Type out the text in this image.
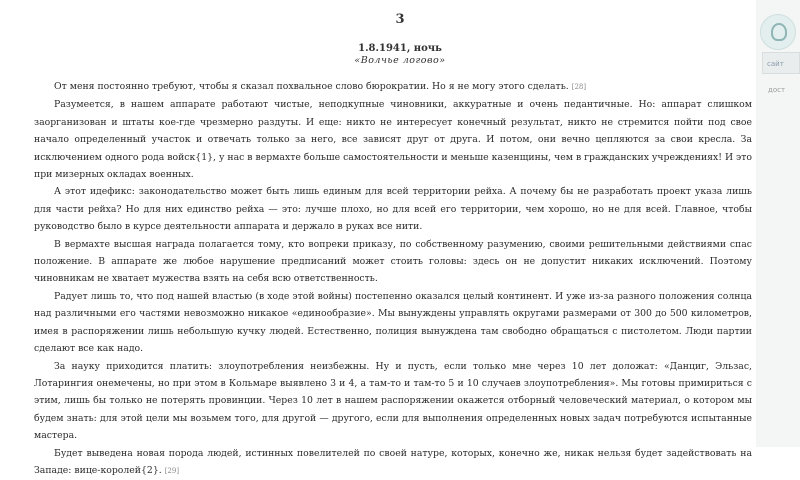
3
1.8.1941, ночь
«Волчье логово»

От меня постоянно требуют, чтобы я сказал похвальное слово бюрократии. Но я не могу этого сделать. [28]

Разумеется, в нашем аппарате работают чистые, неподкупные чиновники, аккуратные и очень педантичные. Но: аппарат слишком заорганизован и штаты кое-где чрезмерно раздуты. И еще: никто не интересует конечный результат, никто не стремится пойти под свое начало определенный участок и отвечать только за него, все зависят друг от друга. И потом, они вечно цепляются за свои кресла. За исключением одного рода войск{1}, у нас в вермахте больше самостоятельности и меньше казенщины, чем в гражданских учреждениях! И это при мизерных окладах военных.

А этот идефикс: законодательство может быть лишь единым для всей территории рейха. А почему бы не разработать проект указа лишь для части рейха? Но для них единство рейха — это: лучше плохо, но для всей его территории, чем хорошо, но не для всей. Главное, чтобы руководство было в курсе деятельности аппарата и держало в руках все нити.

В вермахте высшая награда полагается тому, кто вопреки приказу, по собственному разумению, своими решительными действиями спас положение. В аппарате же любое нарушение предписаний может стоить головы: здесь он не допустит никаких исключений. Поэтому чиновникам не хватает мужества взять на себя всю ответственность.

Радует лишь то, что под нашей властью (в ходе этой войны) постепенно оказался целый континент. И уже из-за разного положения солнца над различными его частями невозможно никакое «единообразие». Мы вынуждены управлять округами размерами от 300 до 500 километров, имея в распоряжении лишь небольшую кучку людей. Естественно, полиция вынуждена там свободно обращаться с пистолетом. Люди партии сделают все как надо.

За науку приходится платить: злоупотребления неизбежны. Ну и пусть, если только мне через 10 лет доложат: «Данциг, Эльзас, Лотарингия онемечены, но при этом в Кольмаре выявлено 3 и 4, а там-то и там-то 5 и 10 случаев злоупотребления». Мы готовы примириться с этим, лишь бы только не потерять провинции. Через 10 лет в нашем распоряжении окажется отборный человеческий материал, о котором мы будем знать: для этой цели мы возьмем того, для другой — другого, если для выполнения определенных новых задач потребуются испытанные мастера.

Будет выведена новая порода людей, истинных повелителей по своей натуре, которых, конечно же, никак нельзя будет задействовать на Западе: вице-королей{2}. [29]

сайт
дост
